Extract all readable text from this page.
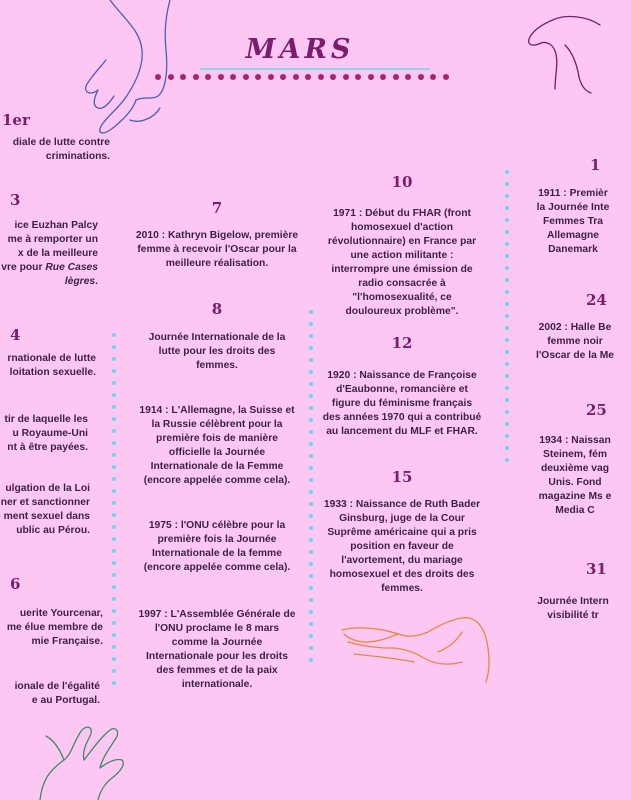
MARS
1er
diale de lutte contre
criminations.
3
ice Euzhan Palcy
me à remporter un
x de la meilleure
vre pour Rue Cases
lègres.
4
rnationale de lutte
loitation sexuelle.
tir de laquelle les
u Royaume-Uni
nt à être payées.
ulgation de la Loi
ner et sanctionner
ment sexuel dans
ublic au Pérou.
6
uerite Yourcenar,
me élue membre de
mie Française.
ionale de l'égalité
e au Portugal.
7
2010 : Kathryn Bigelow, première
femme à recevoir l'Oscar pour la
meilleure réalisation.
8
Journée Internationale de la
lutte pour les droits des
femmes.
1914 : L'Allemagne, la Suisse et
la Russie célèbrent pour la
première fois de manière
officielle la Journée
Internationale de la Femme
(encore appelée comme cela).
1975 : l'ONU célèbre pour la
première fois la Journée
Internationale de la femme
(encore appelée comme cela).
1997 : L'Assemblée Générale de
l'ONU proclame le 8 mars
comme la Journée
Internationale pour les droits
des femmes et de la paix
internationale.
10
1971 : Début du FHAR (front
homosexuel d'action
révolutionnaire) en France par
une action militante :
interrompre une émission de
radio consacrée à
"l'homosexualité, ce
douloureux problème".
12
1920 : Naissance de Françoise
d'Eaubonne, romancière et
figure du féminisme français
des années 1970 qui a contribué
au lancement du MLF et FHAR.
15
1933 : Naissance de Ruth Bader
Ginsburg, juge de la Cour
Suprême américaine qui a pris
position en faveur de
l'avortement, du mariage
homosexuel et des droits des
femmes.
1
1911 : Premièr
la Journée Inte
Femmes Tra
Allemagne
Danemark
24
2002 : Halle Be
femme noir
l'Oscar de la Me
25
1934 : Naissan
Steinem, fém
deuxième vag
Unis. Fond
magazine Ms e
Media C
31
Journée Intern
visibilité tr
